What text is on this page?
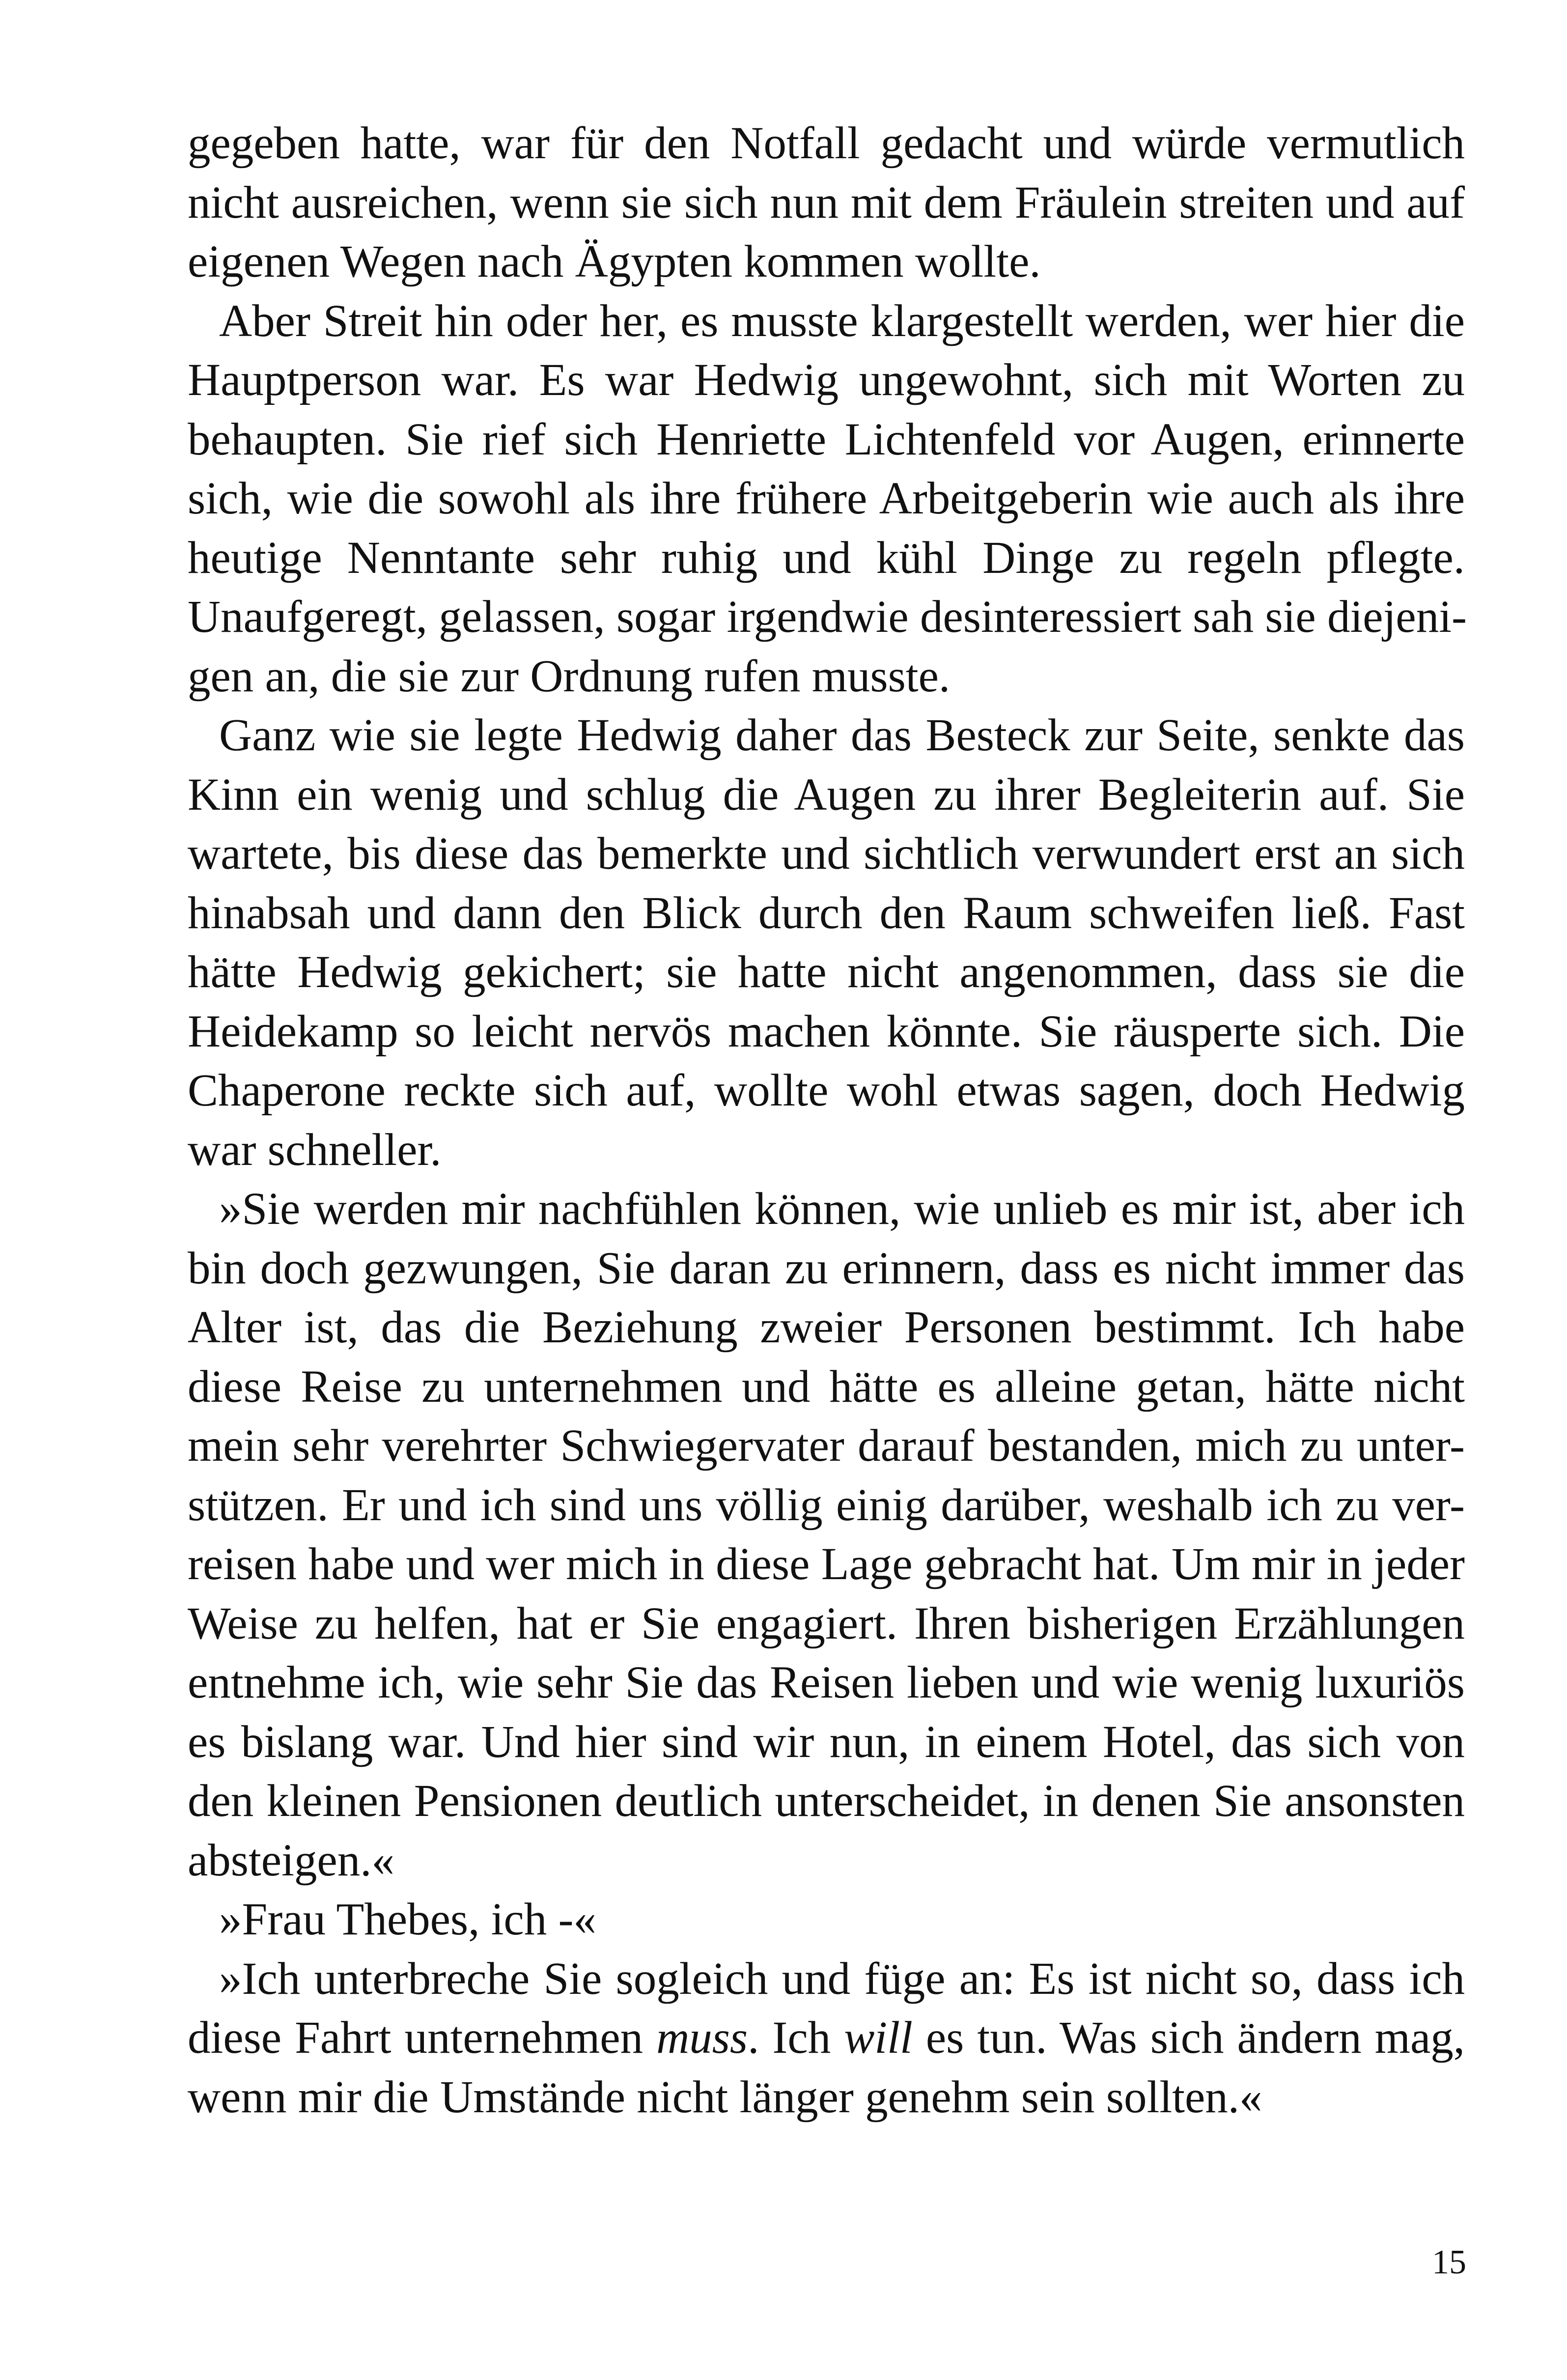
gegeben hatte, war für den Notfall gedacht und würde vermutlich
nicht ausreichen, wenn sie sich nun mit dem Fräulein streiten und auf
eigenen Wegen nach Ägypten kommen wollte.
Aber Streit hin oder her, es musste klargestellt werden, wer hier die
Hauptperson war. Es war Hedwig ungewohnt, sich mit Worten zu
behaupten. Sie rief sich Henriette Lichtenfeld vor Augen, erinnerte
sich, wie die sowohl als ihre frühere Arbeitgeberin wie auch als ihre
heutige Nenntante sehr ruhig und kühl Dinge zu regeln pflegte.
Unaufgeregt, gelassen, sogar irgendwie desinteressiert sah sie diejeni-
gen an, die sie zur Ordnung rufen musste.
Ganz wie sie legte Hedwig daher das Besteck zur Seite, senkte das
Kinn ein wenig und schlug die Augen zu ihrer Begleiterin auf. Sie
wartete, bis diese das bemerkte und sichtlich verwundert erst an sich
hinabsah und dann den Blick durch den Raum schweifen ließ. Fast
hätte Hedwig gekichert; sie hatte nicht angenommen, dass sie die
Heidekamp so leicht nervös machen könnte. Sie räusperte sich. Die
Chaperone reckte sich auf, wollte wohl etwas sagen, doch Hedwig
war schneller.
»Sie werden mir nachfühlen können, wie unlieb es mir ist, aber ich
bin doch gezwungen, Sie daran zu erinnern, dass es nicht immer das
Alter ist, das die Beziehung zweier Personen bestimmt. Ich habe
diese Reise zu unternehmen und hätte es alleine getan, hätte nicht
mein sehr verehrter Schwiegervater darauf bestanden, mich zu unter-
stützen. Er und ich sind uns völlig einig darüber, weshalb ich zu ver-
reisen habe und wer mich in diese Lage gebracht hat. Um mir in jeder
Weise zu helfen, hat er Sie engagiert. Ihren bisherigen Erzählungen
entnehme ich, wie sehr Sie das Reisen lieben und wie wenig luxuriös
es bislang war. Und hier sind wir nun, in einem Hotel, das sich von
den kleinen Pensionen deutlich unterscheidet, in denen Sie ansonsten
absteigen.«
»Frau Thebes, ich -«
»Ich unterbreche Sie sogleich und füge an: Es ist nicht so, dass ich
diese Fahrt unternehmen muss. Ich will es tun. Was sich ändern mag,
wenn mir die Umstände nicht länger genehm sein sollten.«
15
